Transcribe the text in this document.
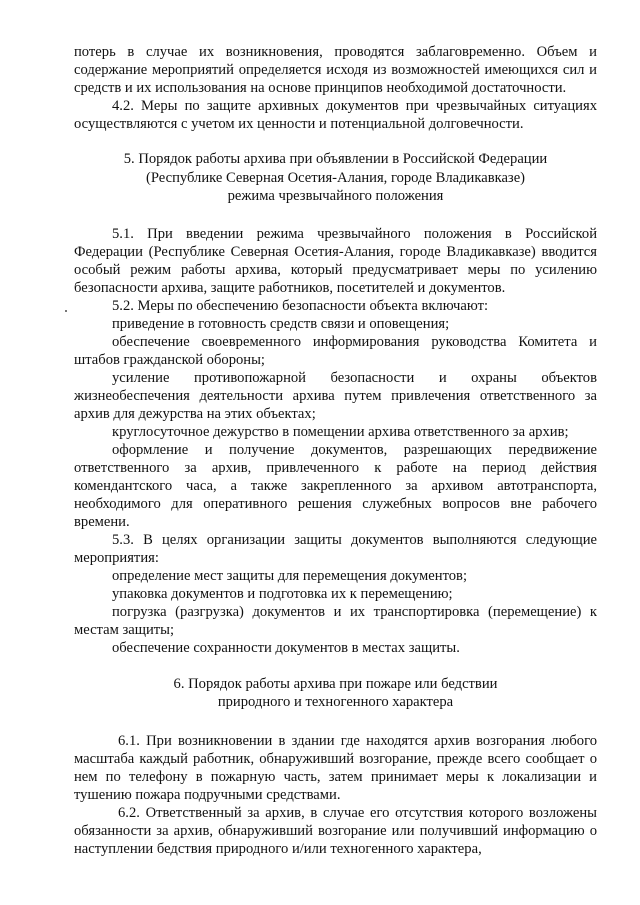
потерь в случае их возникновения, проводятся заблаговременно. Объем и содержание мероприятий определяется исходя из возможностей имеющихся сил и средств и их использования на основе принципов необходимой достаточности.

4.2. Меры по защите архивных документов при чрезвычайных ситуациях осуществляются с учетом их ценности и потенциальной долговечности.

5. Порядок работы архива при объявлении в Российской Федерации

(Республике Северная Осетия-Алания, городе Владикавказе)

режима чрезвычайного положения

5.1. При введении режима чрезвычайного положения в Российской Федерации (Республике Северная Осетия-Алания, городе Владикавказе) вводится особый режим работы архива, который предусматривает меры по усилению безопасности архива, защите работников, посетителей и документов.

5.2. Меры по обеспечению безопасности объекта включают:

приведение в готовность средств связи и оповещения;

обеспечение своевременного информирования руководства Комитета и штабов гражданской обороны;

усиление противопожарной безопасности и охраны объектов жизнеобеспечения деятельности архива путем привлечения ответственного за архив для дежурства на этих объектах;

круглосуточное дежурство в помещении архива ответственного за архив;

оформление и получение документов, разрешающих передвижение ответственного за архив, привлеченного к работе на период действия комендантского часа, а также закрепленного за архивом автотранспорта, необходимого для оперативного решения служебных вопросов вне рабочего времени.

5.3. В целях организации защиты документов выполняются следующие мероприятия:

определение мест защиты для перемещения документов;

упаковка документов и подготовка их к перемещению;

погрузка (разгрузка) документов и их транспортировка (перемещение) к местам защиты;

обеспечение сохранности документов в местах защиты.

6. Порядок работы архива при пожаре или бедствии

природного и техногенного характера

6.1. При возникновении в здании где находятся архив возгорания любого масштаба каждый работник, обнаруживший возгорание, прежде всего сообщает о нем по телефону в пожарную часть, затем принимает меры к локализации и тушению пожара подручными средствами.

6.2. Ответственный за архив, в случае его отсутствия которого возложены обязанности за архив, обнаруживший возгорание или получивший информацию о наступлении бедствия природного и/или техногенного характера,
